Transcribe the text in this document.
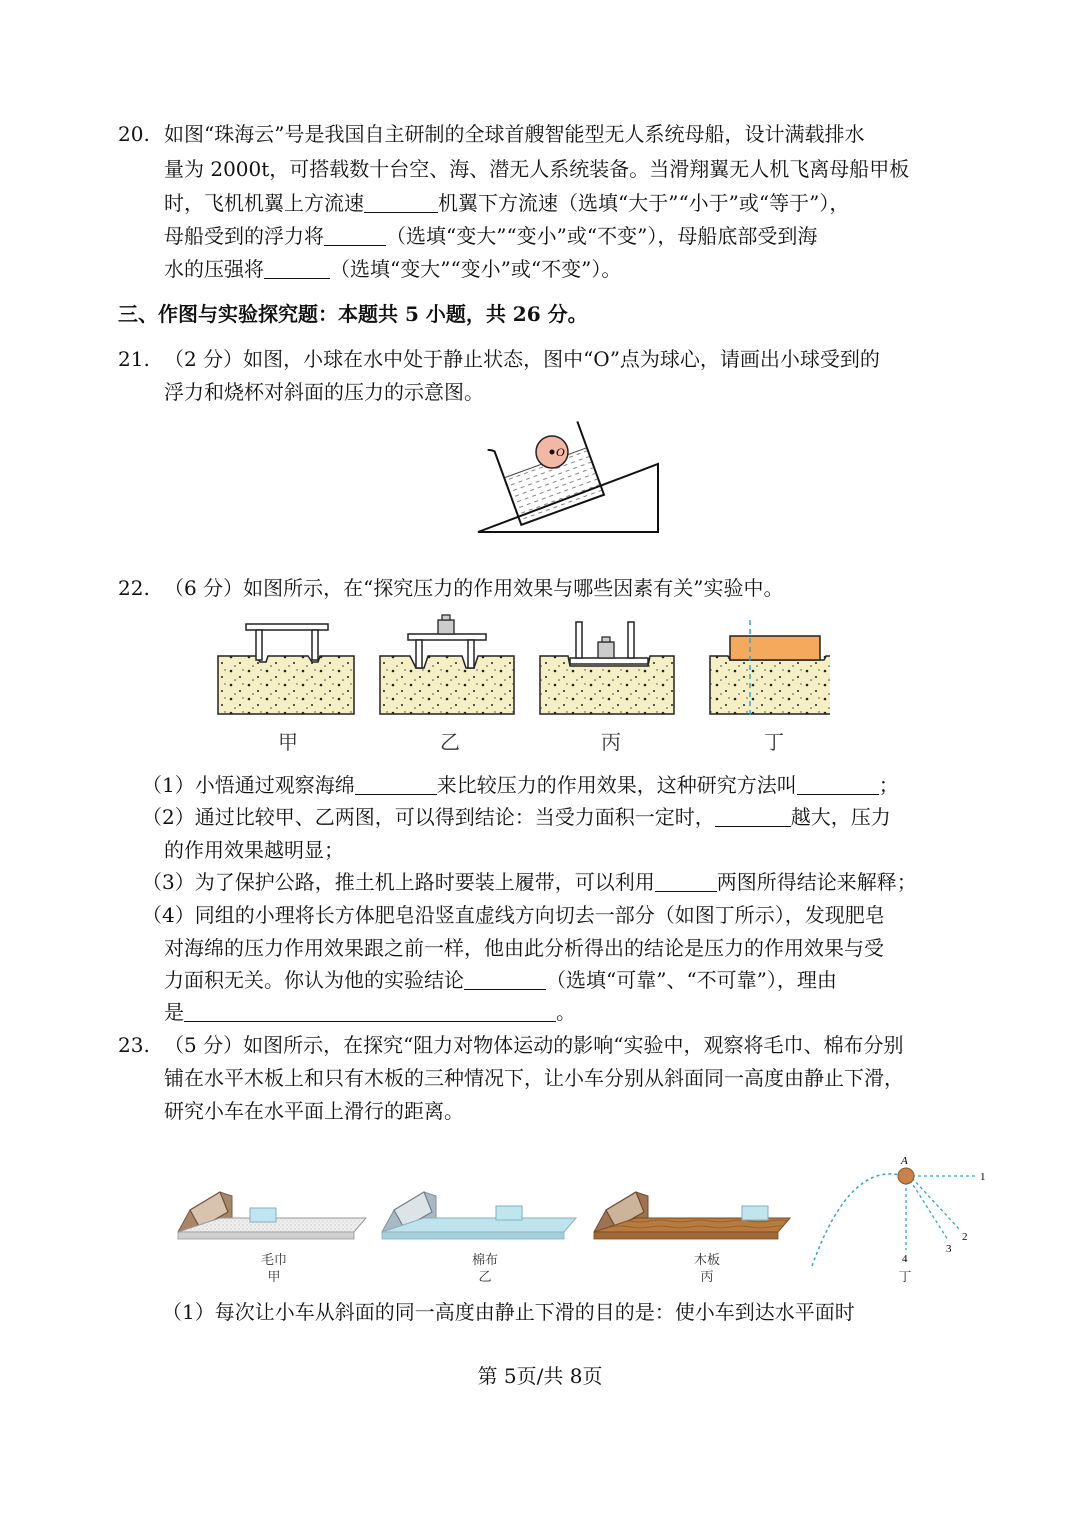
20. 如图“珠海云”号是我国自主研制的全球首艘智能型无人系统母船，设计满载排水
量为 2000t，可搭载数十台空、海、潜无人系统装备。当滑翔翼无人机飞离母船甲板
时，飞机机翼上方流速	机翼下方流速（选填“大于”“小于”或“等于”），
母船受到的浮力将	（选填“变大”“变小”或“不变”），母船底部受到海
水的压强将	（选填“变大”“变小”或“不变”）。
三、作图与实验探究题：本题共 5 小题，共 26 分。
21. （2 分）如图，小球在水中处于静止状态，图中“O”点为球心，请画出小球受到的
浮力和烧杯对斜面的压力的示意图。
O
22. （6 分）如图所示，在“探究压力的作用效果与哪些因素有关”实验中。
甲	乙	丙	丁
（1）小悟通过观察海绵	来比较压力的作用效果，这种研究方法叫	；
（2）通过比较甲、乙两图，可以得到结论：当受力面积一定时，	越大，压力
的作用效果越明显；
（3）为了保护公路，推土机上路时要装上履带，可以利用	两图所得结论来解释；
（4）同组的小理将长方体肥皂沿竖直虚线方向切去一部分（如图丁所示），发现肥皂
对海绵的压力作用效果跟之前一样，他由此分析得出的结论是压力的作用效果与受
力面积无关。你认为他的实验结论	（选填“可靠”、“不可靠”），理由
是	。
23. （5 分）如图所示，在探究“阻力对物体运动的影响“实验中，观察将毛巾、棉布分别
铺在水平木板上和只有木板的三种情况下，让小车分别从斜面同一高度由静止下滑，
研究小车在水平面上滑行的距离。
A
1
2
3
4
毛巾
甲
棉布
乙
木板
丙	丁
（1）每次让小车从斜面的同一高度由静止下滑的目的是：使小车到达水平面时
第 5页/共 8页
